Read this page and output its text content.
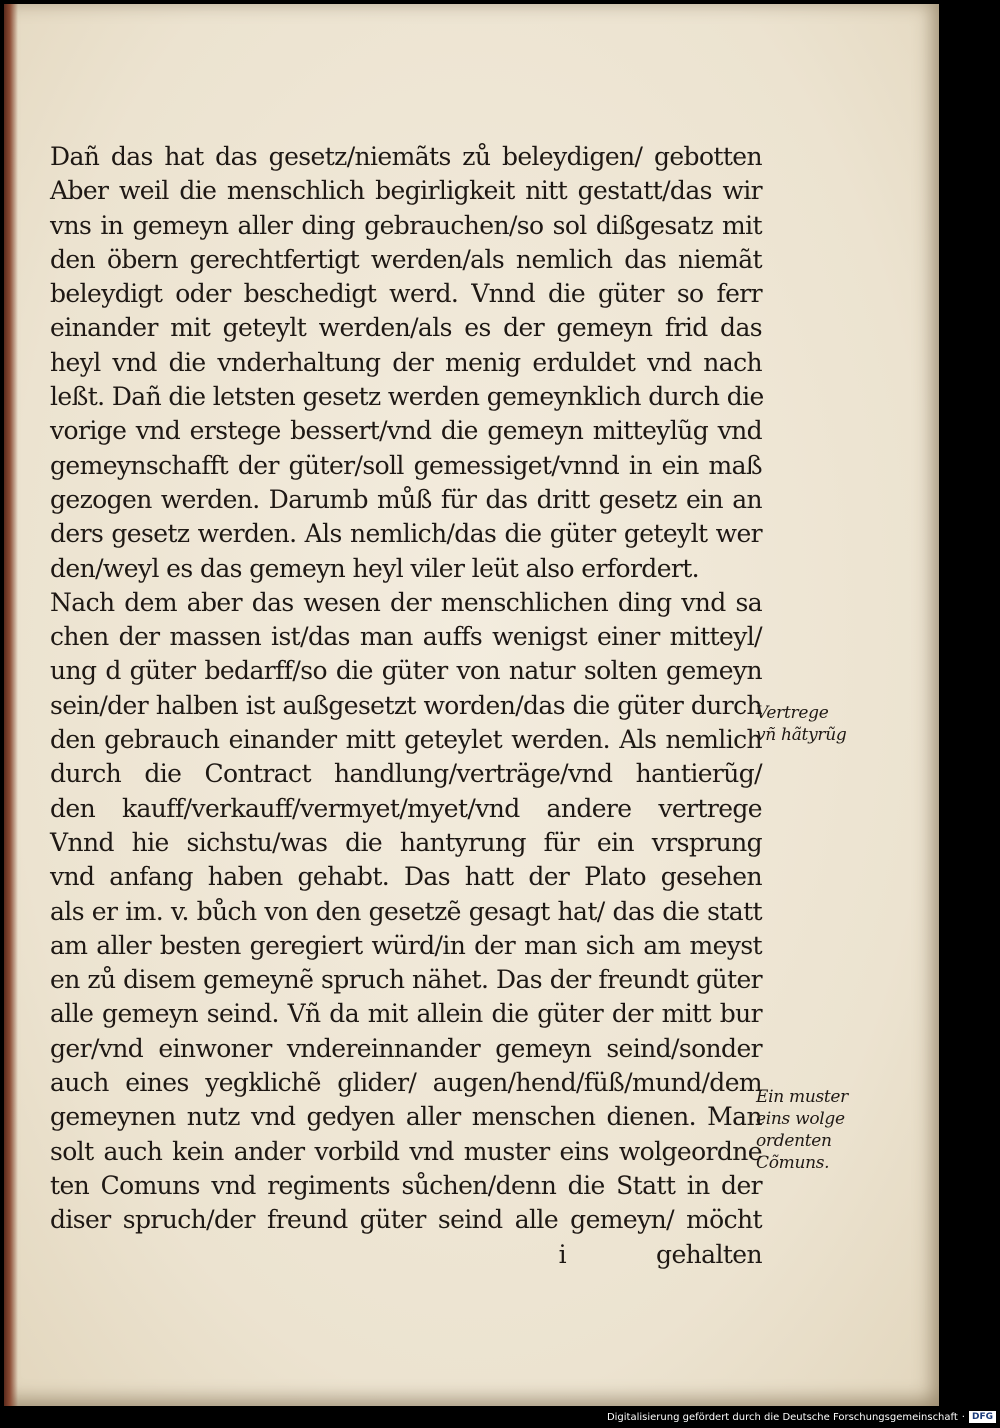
Dañ das hat das gesetz/niemãts zů beleydigen/ gebotten
Aber weil die menschlich begirligkeit nitt gestatt/das wir
vns in gemeyn aller ding gebrauchen/so sol dißgesatz mit
den öbern gerechtfertigt werden/als nemlich das niemãt
beleydigt oder beschedigt werd. Vnnd die güter so ferr
einander mit geteylt werden/als es der gemeyn frid das
heyl vnd die vnderhaltung der menig erduldet vnd nach
leßt. Dañ die letsten gesetz werden gemeynklich durch die
vorige vnd erstege bessert/vnd die gemeyn mitteylũg vnd
gemeynschafft der güter/soll gemessiget/vnnd in ein maß
gezogen werden. Darumb můß für das dritt gesetz ein an
ders gesetz werden. Als nemlich/das die güter geteylt wer
den/weyl es das gemeyn heyl viler leüt also erfordert.
Nach dem aber das wesen der menschlichen ding vnd sa
chen der massen ist/das man auffs wenigst einer mitteyl/
ung d güter bedarff/so die güter von natur solten gemeyn
sein/der halben ist außgesetzt worden/das die güter durch
den gebrauch einander mitt geteylet werden. Als nemlich
durch die Contract handlung/verträge/vnd hantierũg/
den kauff/verkauff/vermyet/myet/vnd andere vertrege
Vnnd hie sichstu/was die hantyrung für ein vrsprung
vnd anfang haben gehabt. Das hatt der Plato gesehen
als er im. v. bůch von den gesetzẽ gesagt hat/ das die statt
am aller besten geregiert würd/in der man sich am meyst
en zů disem gemeynẽ spruch nähet. Das der freundt güter
alle gemeyn seind. Vñ da mit allein die güter der mitt bur
ger/vnd einwoner vndereinnander gemeyn seind/sonder
auch eines yegklichẽ glider/ augen/hend/füß/mund/dem
gemeynen nutz vnd gedyen aller menschen dienen. Man
solt auch kein ander vorbild vnd muster eins wolgeordne
ten Comuns vnd regiments sůchen/denn die Statt in der
diser spruch/der freund güter seind alle gemeyn/ möcht
i	gehalten
Vertrege
vñ hãtyrũg
Ein muster
eins wolge
ordenten
Cõmuns.
Digitalisierung gefördert durch die Deutsche Forschungsgemeinschaft · DFG
